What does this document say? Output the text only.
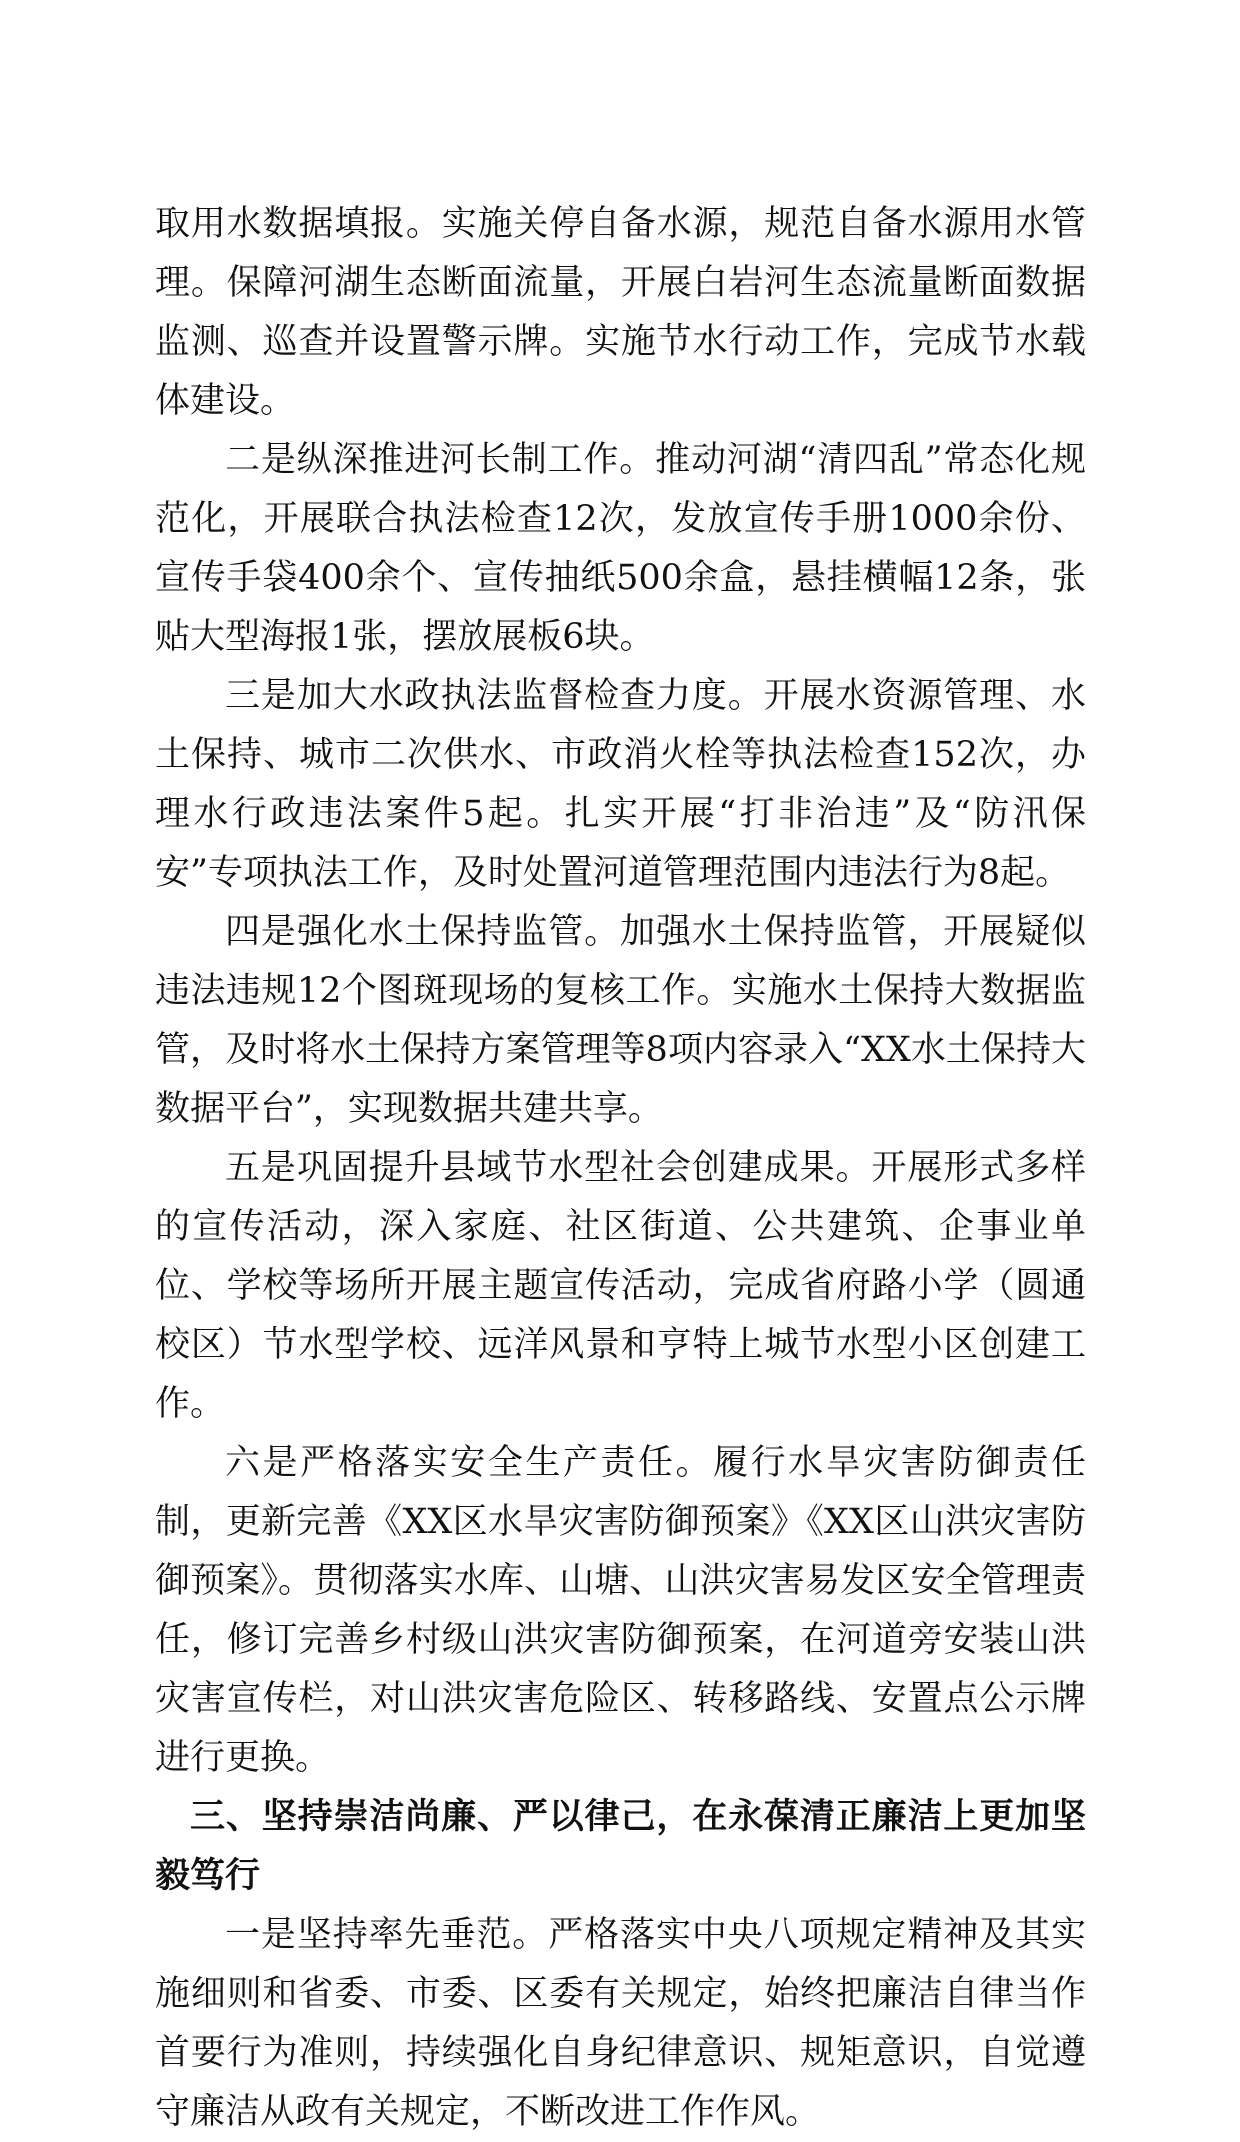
取用水数据填报。实施关停自备水源，规范自备水源用水管理。保障河湖生态断面流量，开展白岩河生态流量断面数据监测、巡查并设置警示牌。实施节水行动工作，完成节水载体建设。

二是纵深推进河长制工作。推动河湖“清四乱”常态化规范化，开展联合执法检查12次，发放宣传手册1000余份、宣传手袋400余个、宣传抽纸500余盒，悬挂横幅12条，张贴大型海报1张，摆放展板6块。

三是加大水政执法监督检查力度。开展水资源管理、水土保持、城市二次供水、市政消火栓等执法检查152次，办理水行政违法案件5起。扎实开展“打非治违”及“防汛保安”专项执法工作，及时处置河道管理范围内违法行为8起。

四是强化水土保持监管。加强水土保持监管，开展疑似违法违规12个图斑现场的复核工作。实施水土保持大数据监管，及时将水土保持方案管理等8项内容录入“XX水土保持大数据平台”，实现数据共建共享。

五是巩固提升县域节水型社会创建成果。开展形式多样的宣传活动，深入家庭、社区街道、公共建筑、企事业单位、学校等场所开展主题宣传活动，完成省府路小学（圆通校区）节水型学校、远洋风景和亨特上城节水型小区创建工作。

六是严格落实安全生产责任。履行水旱灾害防御责任制，更新完善《XX区水旱灾害防御预案》《XX区山洪灾害防御预案》。贯彻落实水库、山塘、山洪灾害易发区安全管理责任，修订完善乡村级山洪灾害防御预案，在河道旁安装山洪灾害宣传栏，对山洪灾害危险区、转移路线、安置点公示牌进行更换。

三、坚持崇洁尚廉、严以律己，在永葆清正廉洁上更加坚毅笃行

一是坚持率先垂范。严格落实中央八项规定精神及其实施细则和省委、市委、区委有关规定，始终把廉洁自律当作首要行为准则，持续强化自身纪律意识、规矩意识，自觉遵守廉洁从政有关规定，不断改进工作作风。
